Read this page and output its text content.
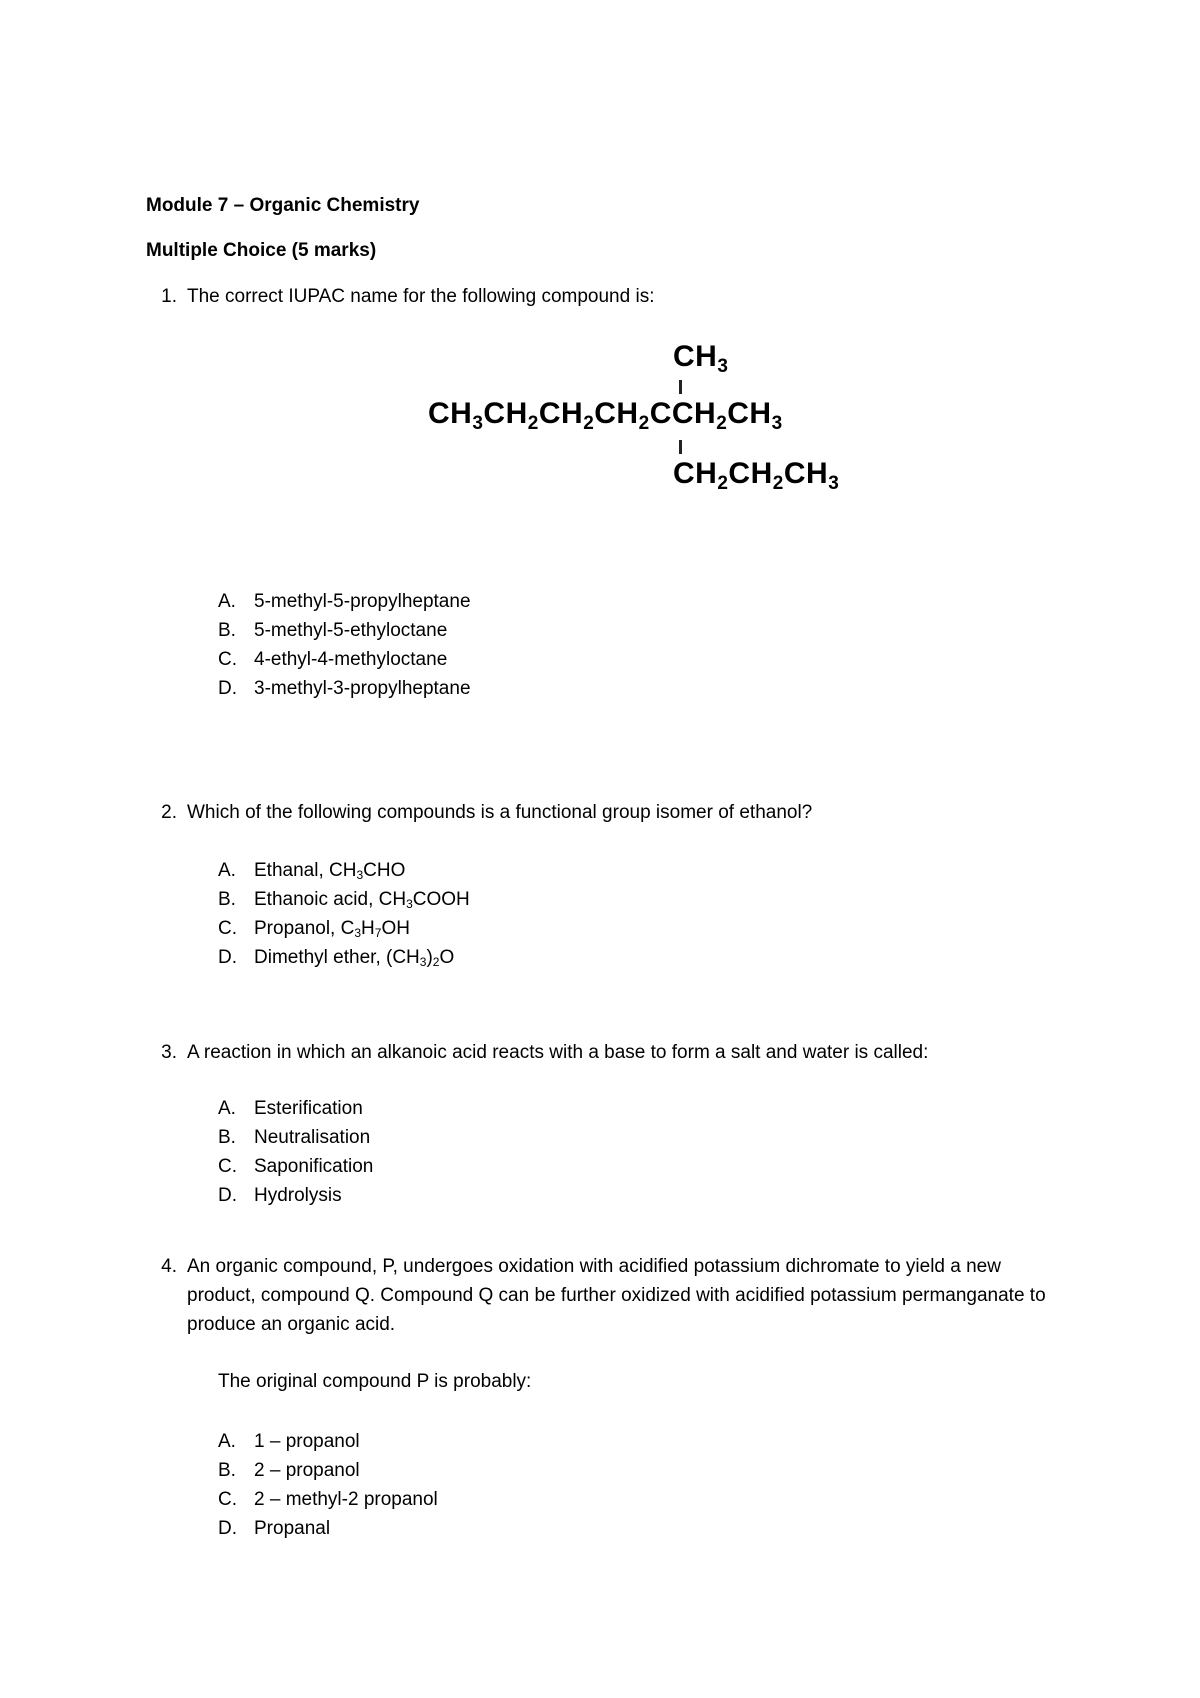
Module 7 – Organic Chemistry
Multiple Choice (5 marks)
1. The correct IUPAC name for the following compound is:
$CH_3$
$CH_3CH_2CH_2CH_2CCH_2CH_3$
$CH_2CH_2CH_3$
A. 5-methyl-5-propylheptane
B. 5-methyl-5-ethyloctane
C. 4-ethyl-4-methyloctane
D. 3-methyl-3-propylheptane
2. Which of the following compounds is a functional group isomer of ethanol?
A. Ethanal, $CH_3CHO$
B. Ethanoic acid, $CH_3COOH$
C. Propanol, $C_3H_7OH$
D. Dimethyl ether, $(CH_3)_2O$
3. A reaction in which an alkanoic acid reacts with a base to form a salt and water is called:
A. Esterification
B. Neutralisation
C. Saponification
D. Hydrolysis
4. An organic compound, P, undergoes oxidation with acidified potassium dichromate to yield a new product, compound Q. Compound Q can be further oxidized with acidified potassium permanganate to produce an organic acid.
The original compound P is probably:
A. 1 – propanol
B. 2 – propanol
C. 2 – methyl-2 propanol
D. Propanal
